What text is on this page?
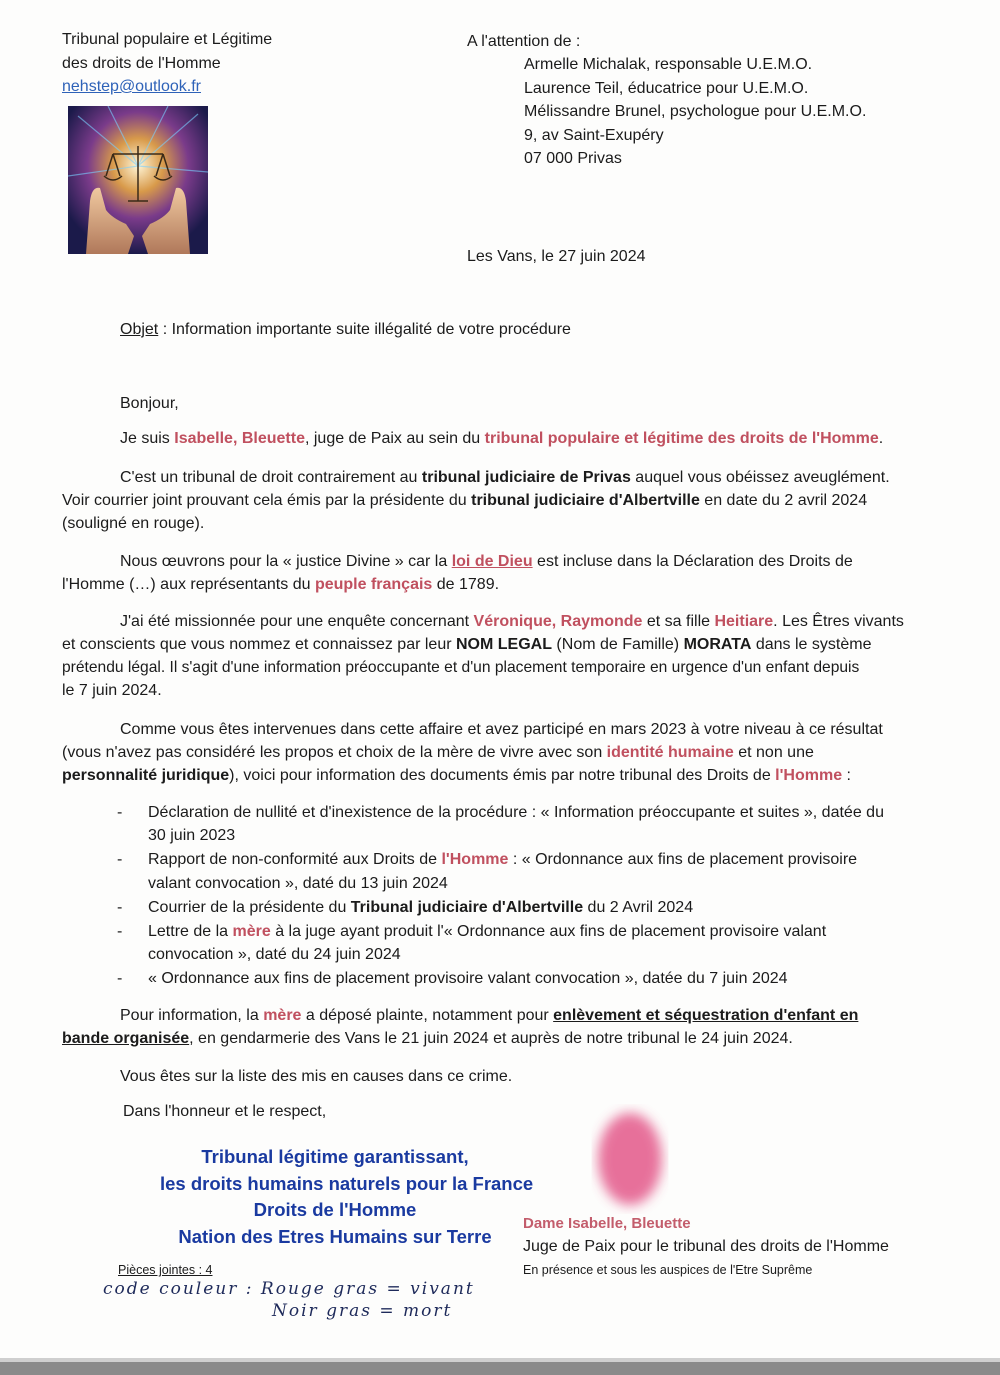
Tribunal populaire et Légitime
des droits de l'Homme
nehstep@outlook.fr
A l'attention de :
Armelle Michalak, responsable U.E.M.O.
Laurence Teil, éducatrice pour U.E.M.O.
Mélissandre Brunel, psychologue pour U.E.M.O.
9, av Saint-Exupéry
07 000 Privas
Les Vans, le 27 juin 2024
Objet : Information importante suite illégalité de votre procédure
Bonjour,
Je suis Isabelle, Bleuette, juge de Paix au sein du tribunal populaire et légitime des droits de l'Homme.
C'est un tribunal de droit contrairement au tribunal judiciaire de Privas auquel vous obéissez aveuglément.
Voir courrier joint prouvant cela émis par la présidente du tribunal judiciaire d'Albertville en date du 2 avril 2024
(souligné en rouge).
Nous œuvrons pour la « justice Divine » car la loi de Dieu est incluse dans la Déclaration des Droits de
l'Homme (…) aux représentants du peuple français de 1789.
J'ai été missionnée pour une enquête concernant Véronique, Raymonde et sa fille Heitiare. Les Êtres vivants
et conscients que vous nommez et connaissez par leur NOM LEGAL (Nom de Famille) MORATA dans le système
prétendu légal. Il s'agit d'une information préoccupante et d'un placement temporaire en urgence d'un enfant depuis
le 7 juin 2024.
Comme vous êtes intervenues dans cette affaire et avez participé en mars 2023 à votre niveau à ce résultat
(vous n'avez pas considéré les propos et choix de la mère de vivre avec son identité humaine et non une
personnalité juridique), voici pour information des documents émis par notre tribunal des Droits de l'Homme :
- Déclaration de nullité et d'inexistence de la procédure : « Information préoccupante et suites », datée du
30 juin 2023
- Rapport de non-conformité aux Droits de l'Homme : « Ordonnance aux fins de placement provisoire
valant convocation », daté du 13 juin 2024
- Courrier de la présidente du Tribunal judiciaire d'Albertville du 2 Avril 2024
- Lettre de la mère à la juge ayant produit l'« Ordonnance aux fins de placement provisoire valant
convocation », daté du 24 juin 2024
- « Ordonnance aux fins de placement provisoire valant convocation », datée du 7 juin 2024
Pour information, la mère a déposé plainte, notamment pour enlèvement et séquestration d'enfant en
bande organisée, en gendarmerie des Vans le 21 juin 2024 et auprès de notre tribunal le 24 juin 2024.
Vous êtes sur la liste des mis en causes dans ce crime.
Dans l'honneur et le respect,
Tribunal légitime garantissant,
les droits humains naturels pour la France
Droits de l'Homme
Nation des Etres Humains sur Terre
Dame Isabelle, Bleuette
Juge de Paix pour le tribunal des droits de l'Homme
En présence et sous les auspices de l'Etre Suprême
Pièces jointes : 4
code couleur : Rouge gras = vivant
Noir gras = mort
